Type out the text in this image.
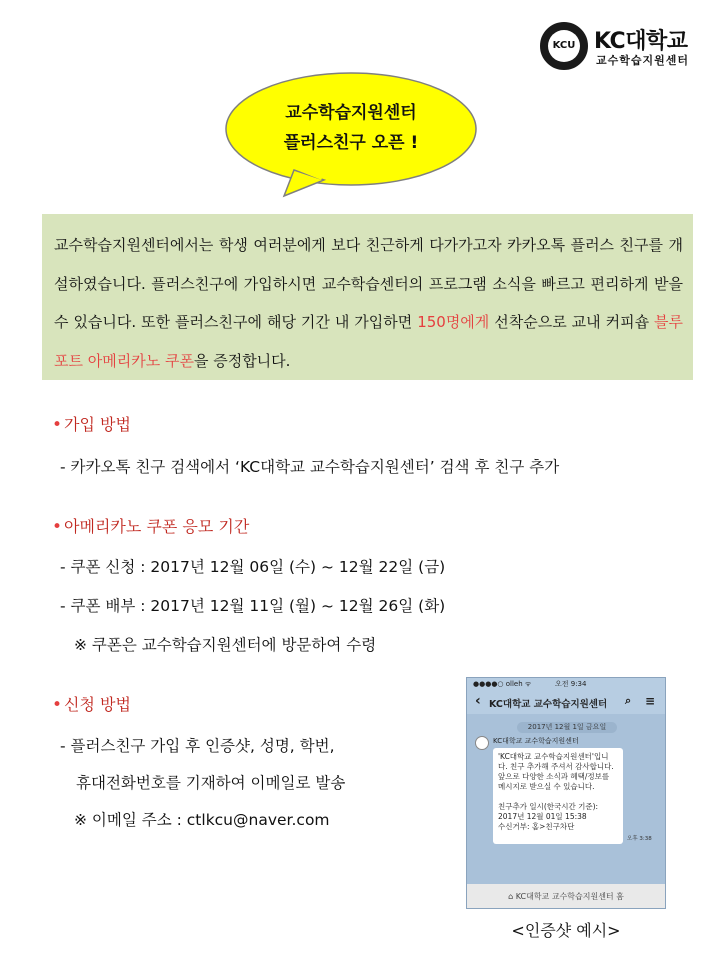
KCU KC대학교
교수학습지원센터
교수학습지원센터
플러스친구 오픈 !
교수학습지원센터에서는 학생 여러분에게 보다 친근하게 다가가고자 카카오톡 플러스 친구를 개설하였습니다. 플러스친구에 가입하시면 교수학습센터의 프로그램 소식을 빠르고 편리하게 받을 수 있습니다. 또한 플러스친구에 해당 기간 내 가입하면 150명에게 선착순으로 교내 커피숍 블루포트 아메리카노 쿠폰을 증정합니다.
• 가입 방법
- 카카오톡 친구 검색에서 ‘KC대학교 교수학습지원센터’ 검색 후 친구 추가
• 아메리카노 쿠폰 응모 기간
- 쿠폰 신청 : 2017년 12월 06일 (수) ~ 12월 22일 (금)
- 쿠폰 배부 : 2017년 12월 11일 (월) ~ 12월 26일 (화)
※ 쿠폰은 교수학습지원센터에 방문하여 수령
• 신청 방법
- 플러스친구 가입 후 인증샷, 성명, 학번,
휴대전화번호를 기재하여 이메일로 발송
※ 이메일 주소 : ctlkcu@naver.com
●●●●○ olleh ᯤ	오전 9:34
‹ KC대학교 교수학습지원센터 ⌕ ≡
2017년 12월 1일 금요일
KC대학교 교수학습지원센터
'KC대학교 교수학습지원센터'입니다. 친구 추가해 주셔서 감사합니다.
앞으로 다양한 소식과 혜택/정보를 메시지로 받으실 수 있습니다.

친구추가 일시(한국시간 기준):
2017년 12월 01일 15:38
수신거부: 홈>친구차단
오후 3:38
⌂ KC대학교 교수학습지원센터 홈
<인증샷 예시>
